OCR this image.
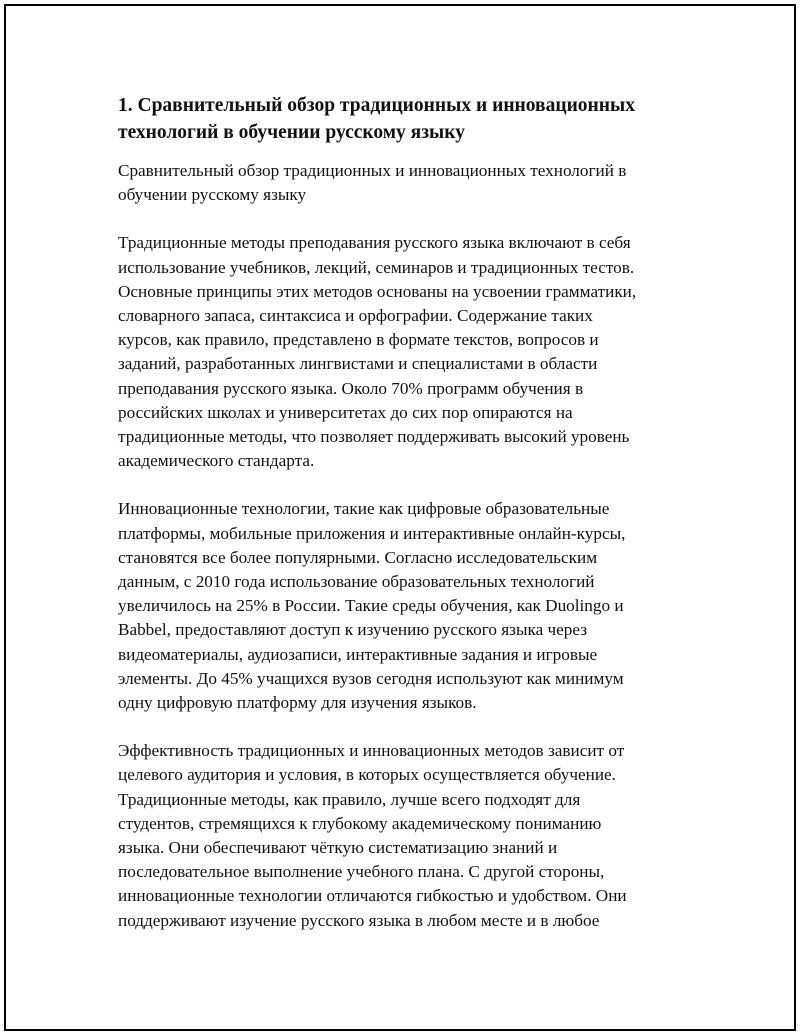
1. Сравнительный обзор традиционных и инновационных
технологий в обучении русскому языку

Сравнительный обзор традиционных и инновационных технологий в
обучении русскому языку

Традиционные методы преподавания русского языка включают в себя
использование учебников, лекций, семинаров и традиционных тестов.
Основные принципы этих методов основаны на усвоении грамматики,
словарного запаса, синтаксиса и орфографии. Содержание таких
курсов, как правило, представлено в формате текстов, вопросов и
заданий, разработанных лингвистами и специалистами в области
преподавания русского языка. Около 70% программ обучения в
российских школах и университетах до сих пор опираются на
традиционные методы, что позволяет поддерживать высокий уровень
академического стандарта.

Инновационные технологии, такие как цифровые образовательные
платформы, мобильные приложения и интерактивные онлайн-курсы,
становятся все более популярными. Согласно исследовательским
данным, с 2010 года использование образовательных технологий
увеличилось на 25% в России. Такие среды обучения, как Duolingo и
Babbel, предоставляют доступ к изучению русского языка через
видеоматериалы, аудиозаписи, интерактивные задания и игровые
элементы. До 45% учащихся вузов сегодня используют как минимум
одну цифровую платформу для изучения языков.

Эффективность традиционных и инновационных методов зависит от
целевого аудитория и условия, в которых осуществляется обучение.
Традиционные методы, как правило, лучше всего подходят для
студентов, стремящихся к глубокому академическому пониманию
языка. Они обеспечивают чёткую систематизацию знаний и
последовательное выполнение учебного плана. С другой стороны,
инновационные технологии отличаются гибкостью и удобством. Они
поддерживают изучение русского языка в любом месте и в любое
